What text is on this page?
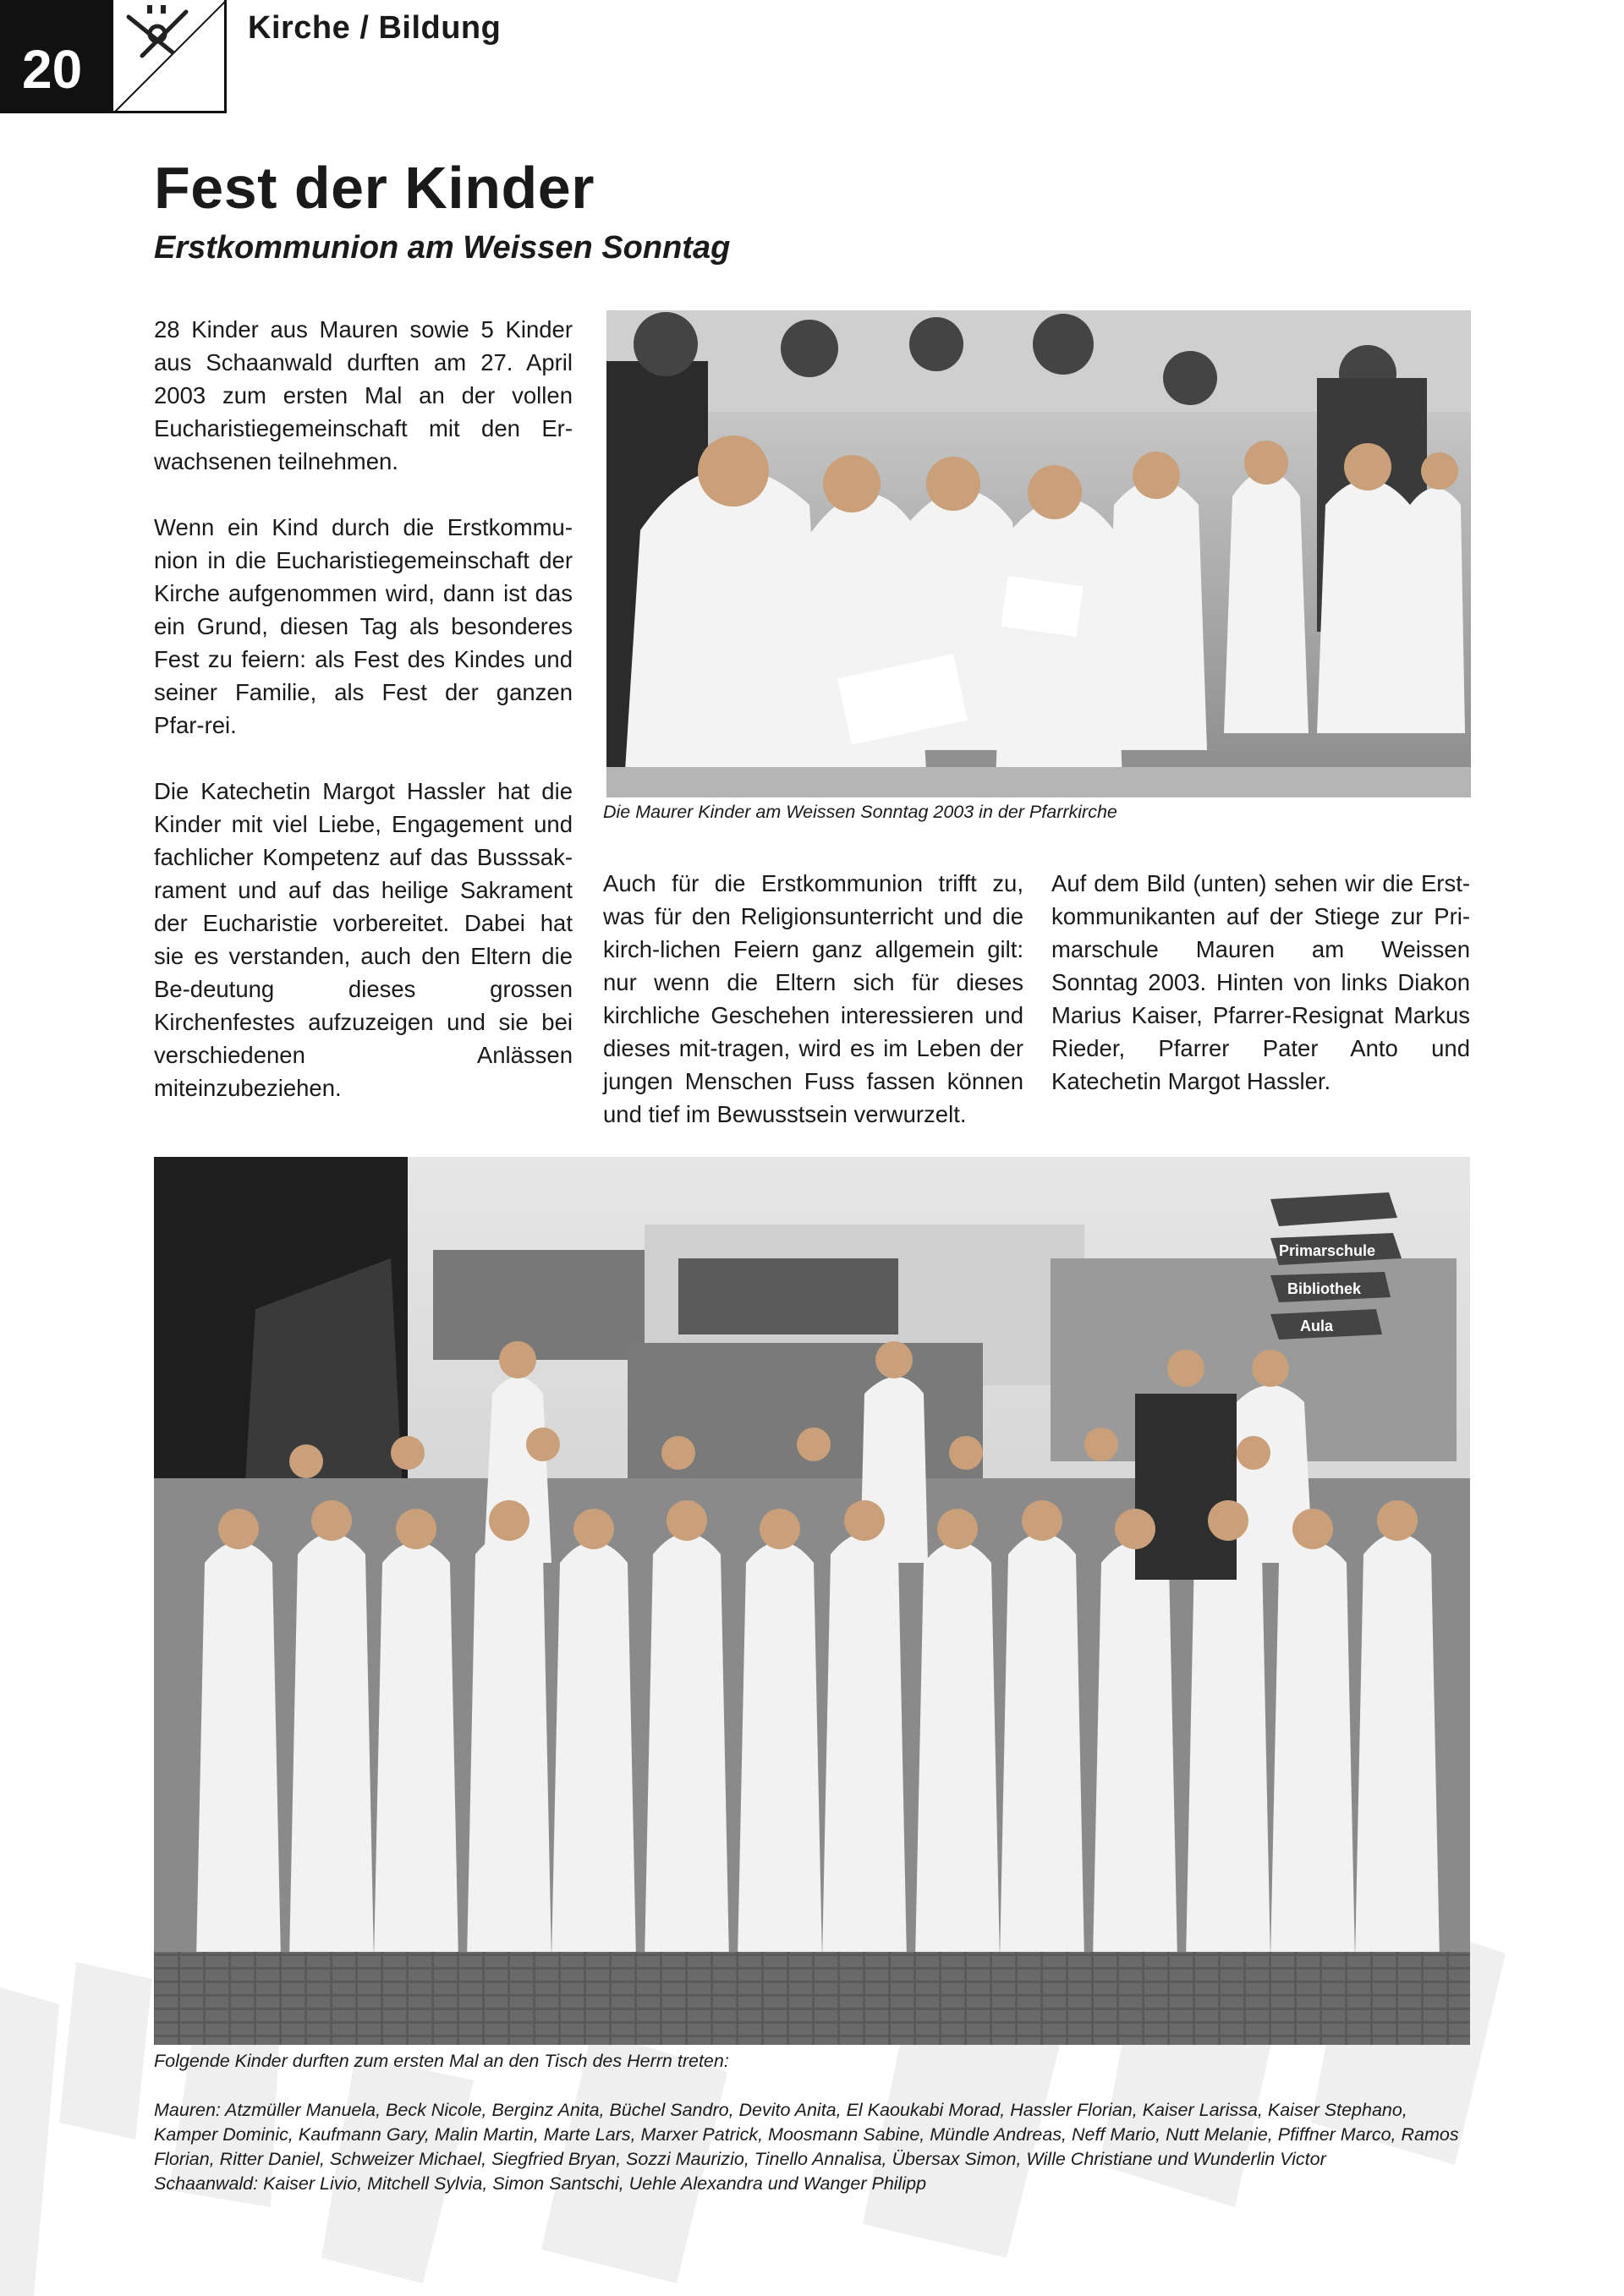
20
Kirche / Bildung
Fest der Kinder
Erstkommunion am Weissen Sonntag

28 Kinder aus Mauren sowie 5 Kinder aus Schaanwald durften am 27. April 2003 zum ersten Mal an der vollen Eucharistiegemeinschaft mit den Er-wachsenen teilnehmen.

Wenn ein Kind durch die Erstkommu-nion in die Eucharistiegemeinschaft der Kirche aufgenommen wird, dann ist das ein Grund, diesen Tag als besonderes Fest zu feiern: als Fest des Kindes und seiner Familie, als Fest der ganzen Pfar-rei.

Die Katechetin Margot Hassler hat die Kinder mit viel Liebe, Engagement und fachlicher Kompetenz auf das Busssak-rament und auf das heilige Sakrament der Eucharistie vorbereitet. Dabei hat sie es verstanden, auch den Eltern die Be-deutung dieses grossen Kirchenfestes aufzuzeigen und sie bei verschiedenen Anlässen miteinzubeziehen.

Die Maurer Kinder am Weissen Sonntag 2003 in der Pfarrkirche

Auch für die Erstkommunion trifft zu, was für den Religionsunterricht und die kirch-lichen Feiern ganz allgemein gilt: nur wenn die Eltern sich für dieses kirchliche Geschehen interessieren und dieses mit-tragen, wird es im Leben der jungen Menschen Fuss fassen können und tief im Bewusstsein verwurzelt.

Auf dem Bild (unten) sehen wir die Erst-kommunikanten auf der Stiege zur Pri-marschule Mauren am Weissen Sonntag 2003. Hinten von links Diakon Marius Kaiser, Pfarrer-Resignat Markus Rieder, Pfarrer Pater Anto und Katechetin Margot Hassler.

Primarschule
Bibliothek
Aula

Folgende Kinder durften zum ersten Mal an den Tisch des Herrn treten:

Mauren: Atzmüller Manuela, Beck Nicole, Berginz Anita, Büchel Sandro, Devito Anita, El Kaoukabi Morad, Hassler Florian, Kaiser Larissa, Kaiser Stephano, Kamper Dominic, Kaufmann Gary, Malin Martin, Marte Lars, Marxer Patrick, Moosmann Sabine, Mündle Andreas, Neff Mario, Nutt Melanie, Pfiffner Marco, Ramos Florian, Ritter Daniel, Schweizer Michael, Siegfried Bryan, Sozzi Maurizio, Tinello Annalisa, Übersax Simon, Wille Christiane und Wunderlin Victor

Schaanwald: Kaiser Livio, Mitchell Sylvia, Simon Santschi, Uehle Alexandra und Wanger Philipp
